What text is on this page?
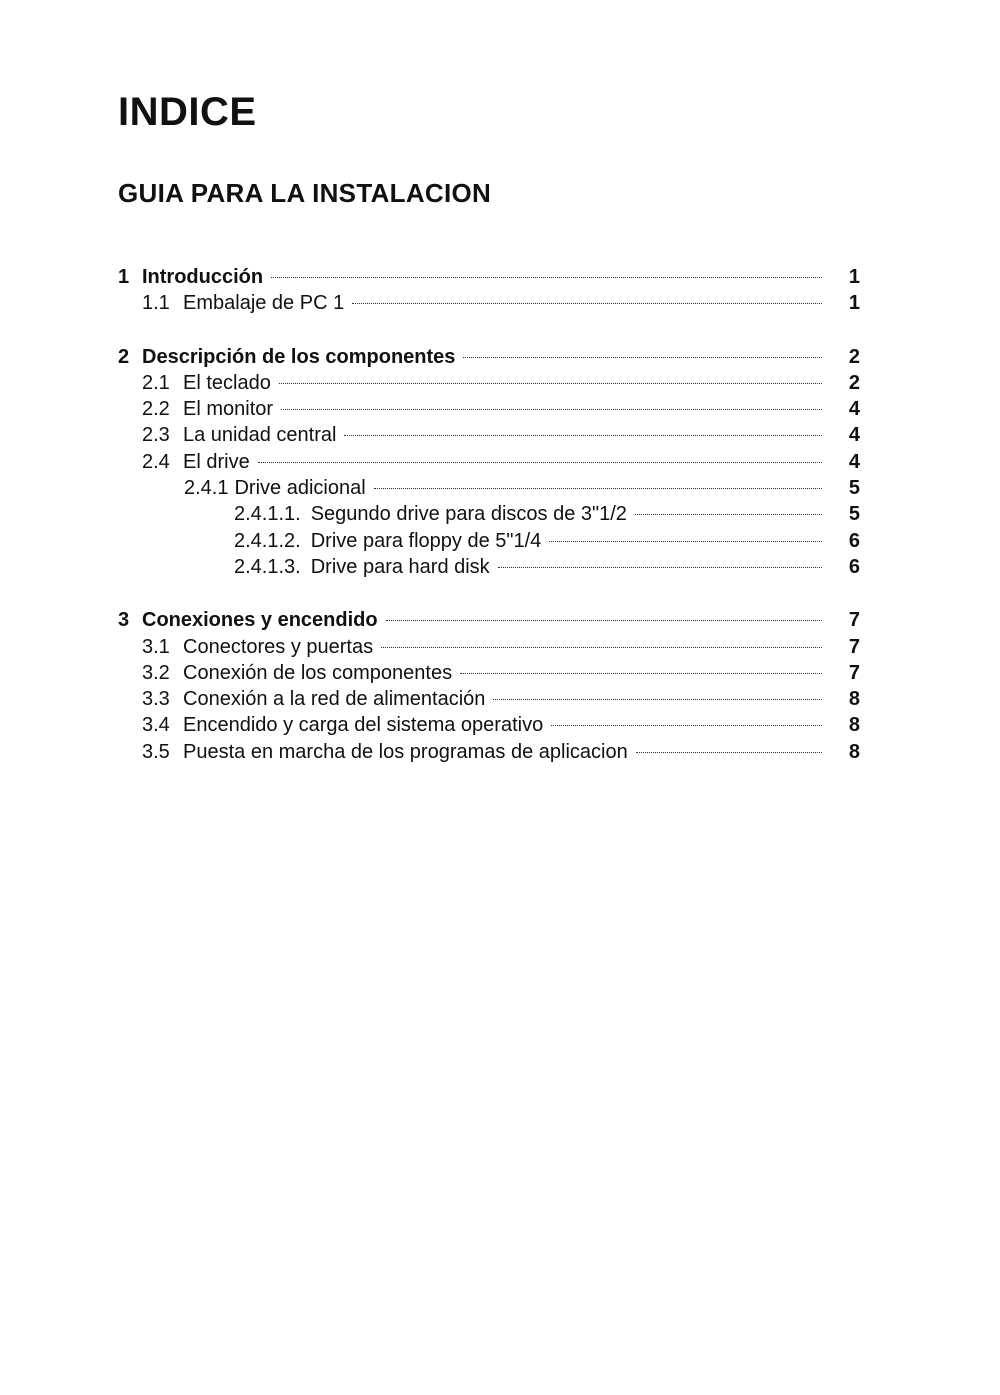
INDICE
GUIA PARA LA INSTALACION
1 Introducción	1
1.1 Embalaje de PC 1	1
2 Descripción de los componentes	2
2.1 El teclado	2
2.2 El monitor	4
2.3 La unidad central	4
2.4 El drive	4
2.4.1 Drive adicional	5
2.4.1.1. Segundo drive para discos de 3"1/2	5
2.4.1.2. Drive para floppy de 5"1/4	6
2.4.1.3. Drive para hard disk	6
3 Conexiones y encendido	7
3.1 Conectores y puertas	7
3.2 Conexión de los componentes	7
3.3 Conexión a la red de alimentación	8
3.4 Encendido y carga del sistema operativo	8
3.5 Puesta en marcha de los programas de aplicacion	8
